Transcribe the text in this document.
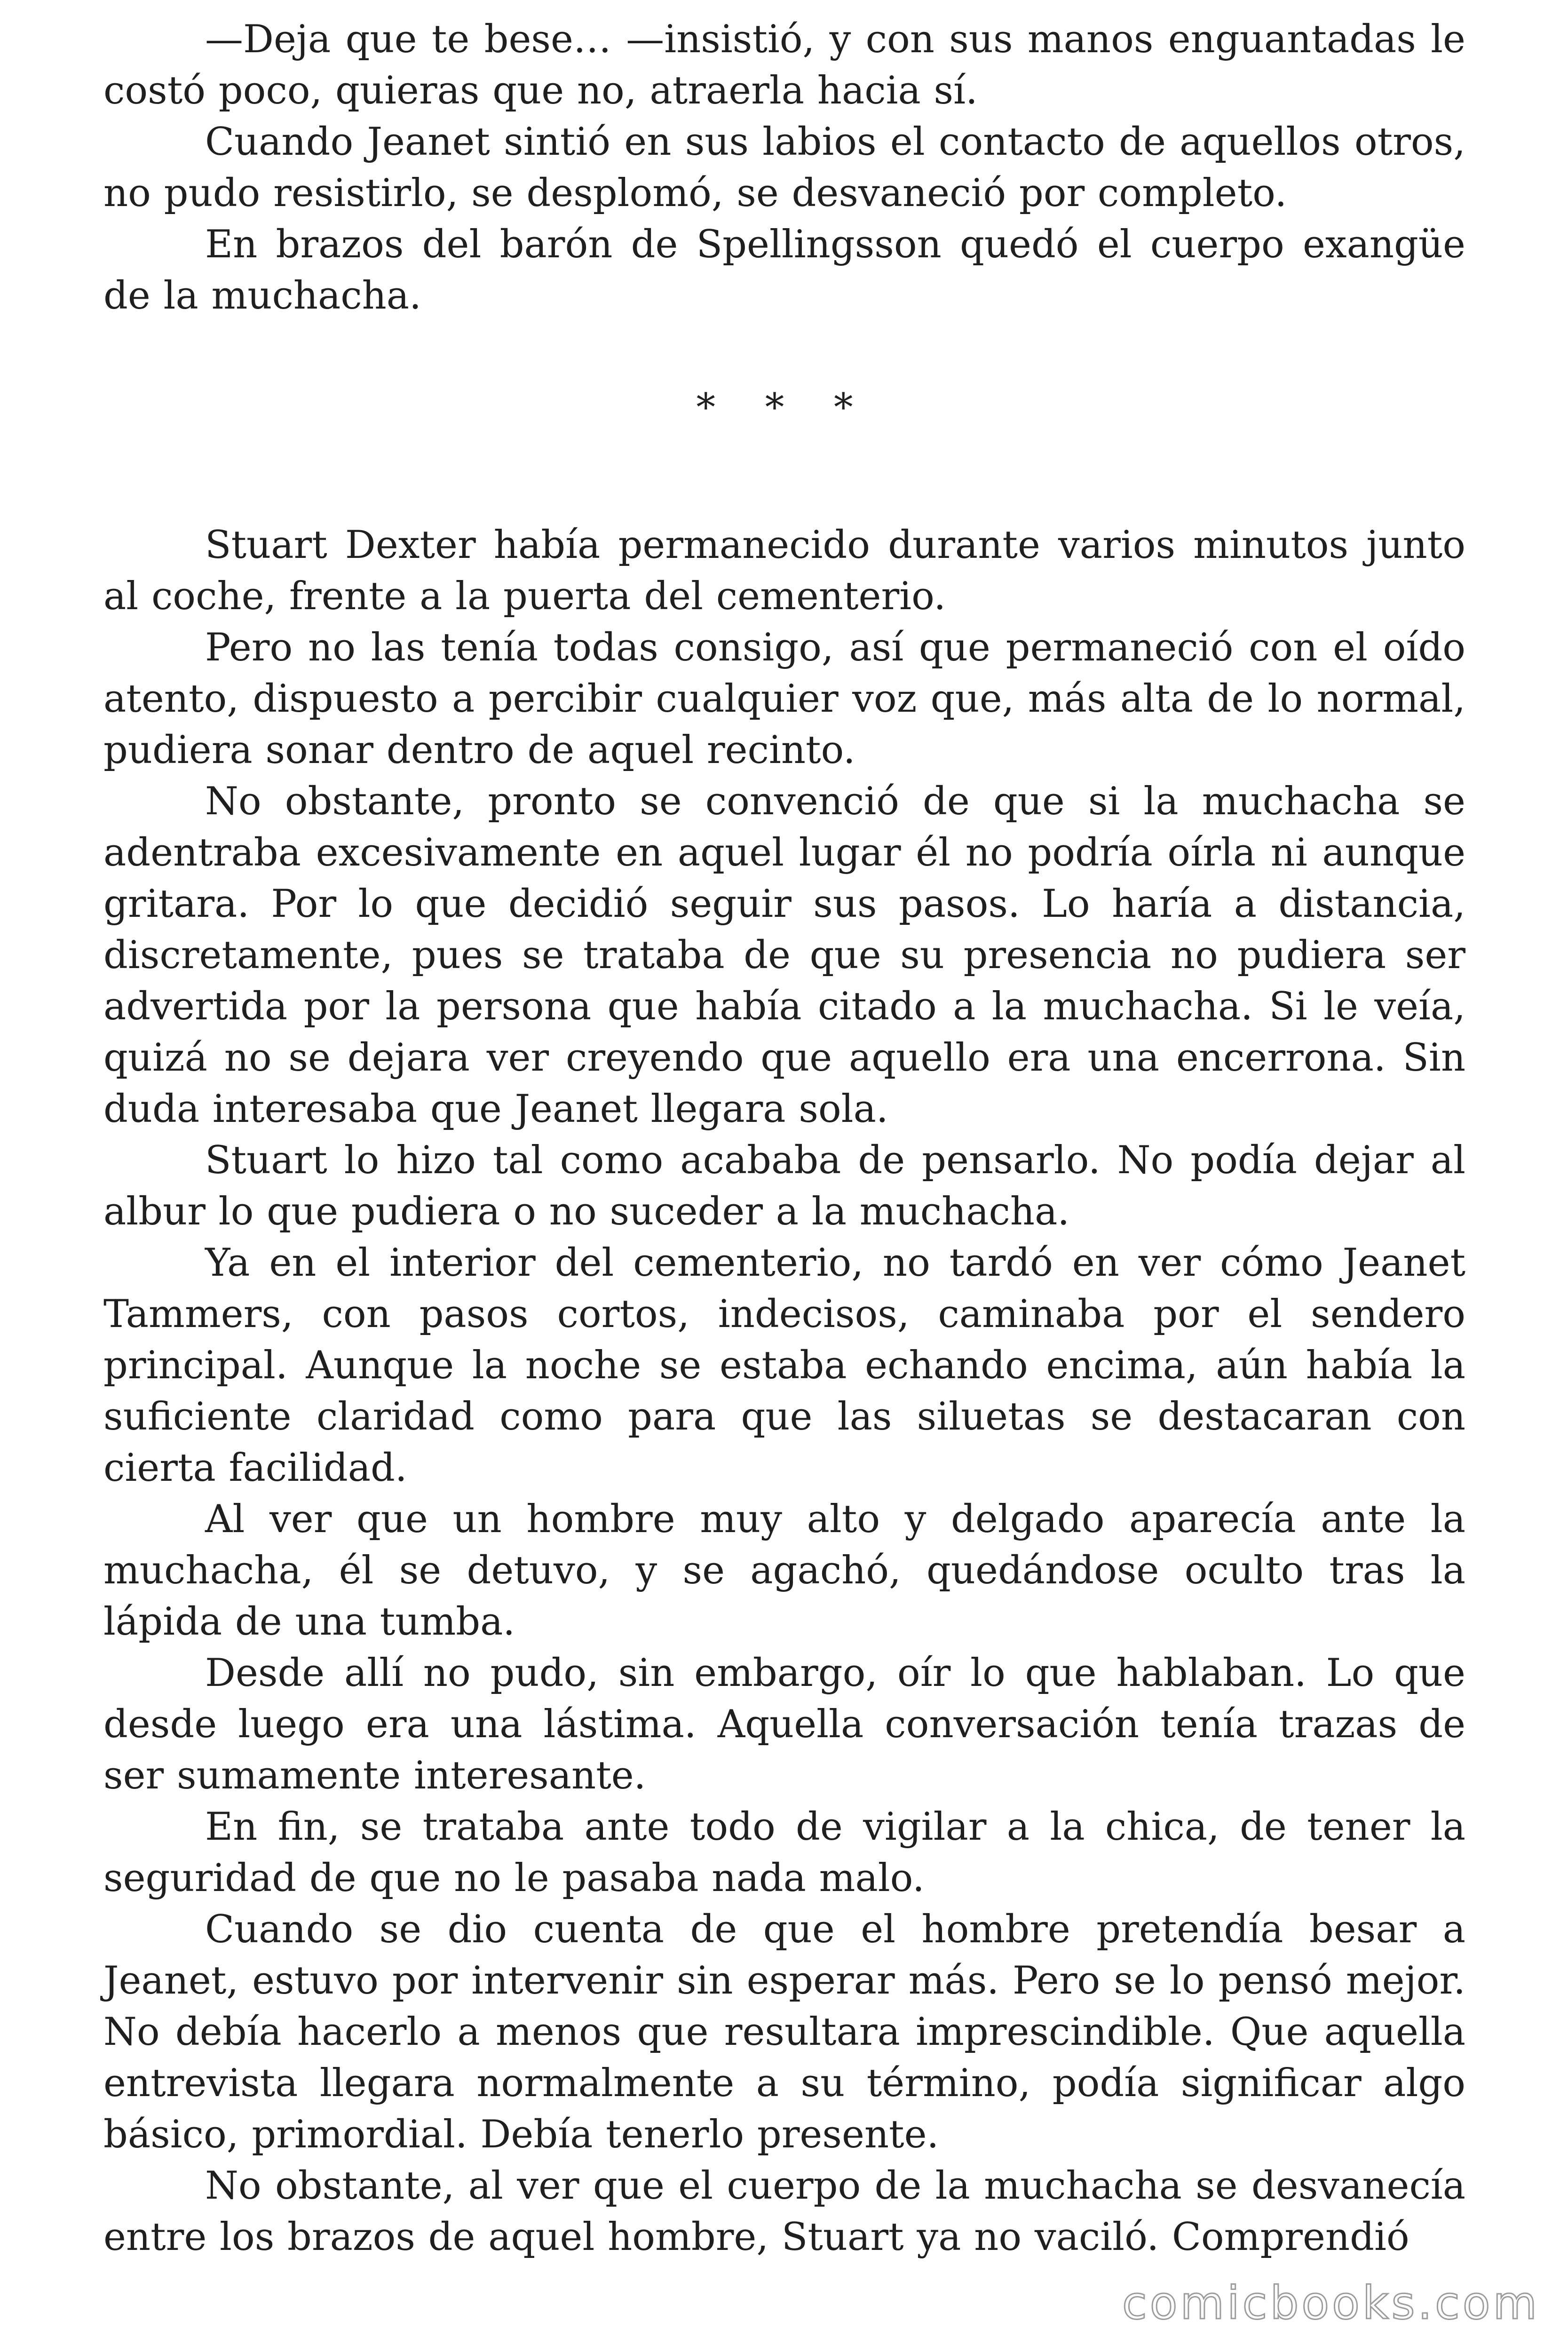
—Deja que te bese… —insistió, y con sus manos enguantadas le costó poco, quieras que no, atraerla hacia sí.

Cuando Jeanet sintió en sus labios el contacto de aquellos otros, no pudo resistirlo, se desplomó, se desvaneció por completo.

En brazos del barón de Spellingsson quedó el cuerpo exangüe de la muchacha.

* * *

Stuart Dexter había permanecido durante varios minutos junto al coche, frente a la puerta del cementerio.

Pero no las tenía todas consigo, así que permaneció con el oído atento, dispuesto a percibir cualquier voz que, más alta de lo normal, pudiera sonar dentro de aquel recinto.

No obstante, pronto se convenció de que si la muchacha se adentraba excesivamente en aquel lugar él no podría oírla ni aunque gritara. Por lo que decidió seguir sus pasos. Lo haría a distancia, discretamente, pues se trataba de que su presencia no pudiera ser advertida por la persona que había citado a la muchacha. Si le veía, quizá no se dejara ver creyendo que aquello era una encerrona. Sin duda interesaba que Jeanet llegara sola.

Stuart lo hizo tal como acababa de pensarlo. No podía dejar al albur lo que pudiera o no suceder a la muchacha.

Ya en el interior del cementerio, no tardó en ver cómo Jeanet Tammers, con pasos cortos, indecisos, caminaba por el sendero principal. Aunque la noche se estaba echando encima, aún había la suficiente claridad como para que las siluetas se destacaran con cierta facilidad.

Al ver que un hombre muy alto y delgado aparecía ante la muchacha, él se detuvo, y se agachó, quedándose oculto tras la lápida de una tumba.

Desde allí no pudo, sin embargo, oír lo que hablaban. Lo que desde luego era una lástima. Aquella conversación tenía trazas de ser sumamente interesante.

En fin, se trataba ante todo de vigilar a la chica, de tener la seguridad de que no le pasaba nada malo.

Cuando se dio cuenta de que el hombre pretendía besar a Jeanet, estuvo por intervenir sin esperar más. Pero se lo pensó mejor. No debía hacerlo a menos que resultara imprescindible. Que aquella entrevista llegara normalmente a su término, podía significar algo básico, primordial. Debía tenerlo presente.

No obstante, al ver que el cuerpo de la muchacha se desvanecía entre los brazos de aquel hombre, Stuart ya no vaciló. Comprendió

comicbooks.com
